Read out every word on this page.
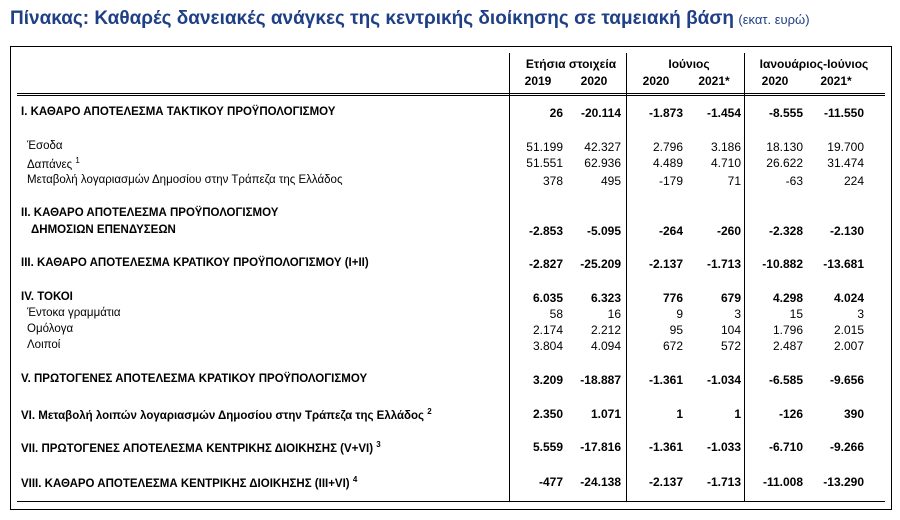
Πίνακας: Καθαρές δανειακές ανάγκες της κεντρικής διοίκησης σε ταμειακή βάση (εκατ. ευρώ)
Ετήσια στοιχεία	Ιούνιος	Ιανουάριος-Ιούνιος
2019	2020	2020	2021*	2020	2021*
I. ΚΑΘΑΡΟ ΑΠΟΤΕΛΕΣΜΑ ΤΑΚΤΙΚΟΥ ΠΡΟΫΠΟΛΟΓΙΣΜΟΥ	26	-20.114	-1.873	-1.454	-8.555	-11.550
Έσοδα	51.199	42.327	2.796	3.186	18.130	19.700
Δαπάνες $^1$	51.551	62.936	4.489	4.710	26.622	31.474
Μεταβολή λογαριασμών Δημοσίου στην Τράπεζα της Ελλάδος	378	495	-179	71	-63	224
II. ΚΑΘΑΡΟ ΑΠΟΤΕΛΕΣΜΑ ΠΡΟΫΠΟΛΟΓΙΣΜΟΥ
ΔΗΜΟΣΙΩΝ ΕΠΕΝΔΥΣΕΩΝ	-2.853	-5.095	-264	-260	-2.328	-2.130
III. ΚΑΘΑΡΟ ΑΠΟΤΕΛΕΣΜΑ ΚΡΑΤΙΚΟΥ ΠΡΟΫΠΟΛΟΓΙΣΜΟΥ (I+II)	-2.827	-25.209	-2.137	-1.713	-10.882	-13.681
IV. ΤΟΚΟΙ	6.035	6.323	776	679	4.298	4.024
Έντοκα γραμμάτια	58	16	9	3	15	3
Ομόλογα	2.174	2.212	95	104	1.796	2.015
Λοιποί	3.804	4.094	672	572	2.487	2.007
V. ΠΡΩΤΟΓΕΝΕΣ ΑΠΟΤΕΛΕΣΜΑ ΚΡΑΤΙΚΟΥ ΠΡΟΫΠΟΛΟΓΙΣΜΟΥ	3.209	-18.887	-1.361	-1.034	-6.585	-9.656
VI. Μεταβολή λοιπών λογαριασμών Δημοσίου στην Τράπεζα της Ελλάδος $^2$	2.350	1.071	1	1	-126	390
VII. ΠΡΩΤΟΓΕΝΕΣ ΑΠΟΤΕΛΕΣΜΑ ΚΕΝΤΡΙΚΗΣ ΔΙΟΙΚΗΣΗΣ (V+VI) $^3$	5.559	-17.816	-1.361	-1.033	-6.710	-9.266
VIII. ΚΑΘΑΡΟ ΑΠΟΤΕΛΕΣΜΑ ΚΕΝΤΡΙΚΗΣ ΔΙΟΙΚΗΣΗΣ (III+VI) $^4$	-477	-24.138	-2.137	-1.713	-11.008	-13.290
